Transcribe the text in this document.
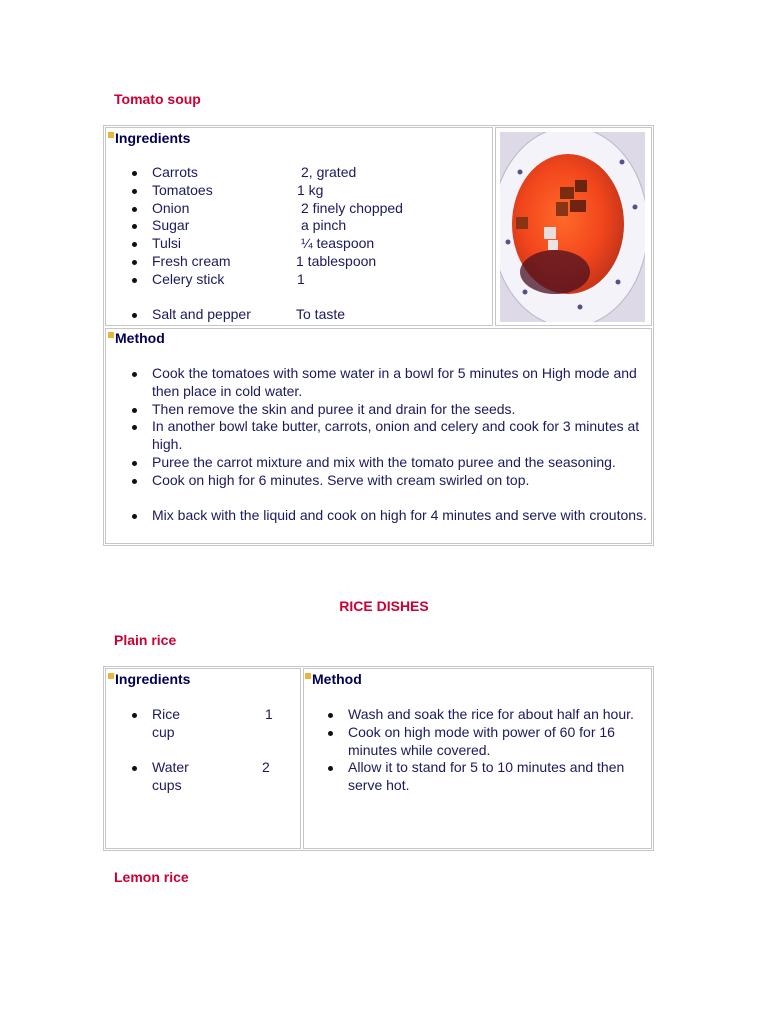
Tomato soup
Ingredients
Carrots	2, grated
Tomatoes	1 kg
Onion	2 finely chopped
Sugar	a pinch
Tulsi	¼ teaspoon
Fresh cream	1 tablespoon
Celery stick	1
Salt and pepper	To taste
Method
Cook the tomatoes with some water in a bowl for 5 minutes on High mode and then place in cold water.
Then remove the skin and puree it and drain for the seeds.
In another bowl take butter, carrots, onion and celery and cook for 3 minutes at high.
Puree the carrot mixture and mix with the tomato puree and the seasoning.
Cook on high for 6 minutes. Serve with cream swirled on top.
Mix back with the liquid and cook on high for 4 minutes and serve with croutons.
RICE DISHES
Plain rice
Ingredients
Rice	1

cup
Water	2

cups
Method
Wash and soak the rice for about half an hour.
Cook on high mode with power of 60 for 16 minutes while covered.
Allow it to stand for 5 to 10 minutes and then serve hot.
Lemon rice
